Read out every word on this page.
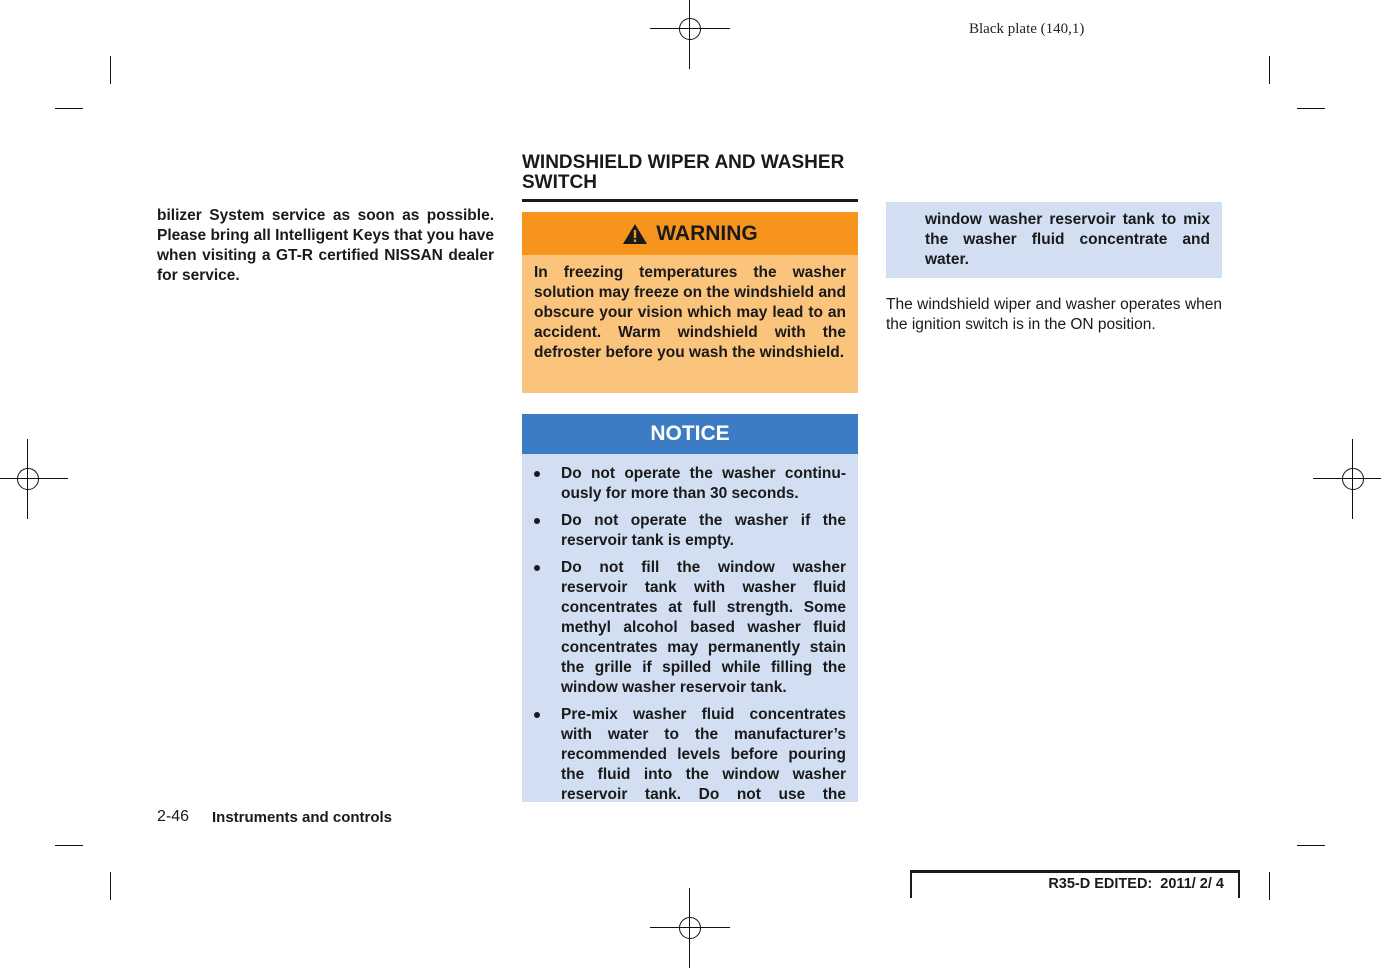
Black plate (140,1)
bilizer System service as soon as possible. Please bring all Intelligent Keys that you have when visiting a GT-R certified NISSAN dealer for service.
WINDSHIELD WIPER AND WASHER SWITCH
WARNING
In freezing temperatures the washer solution may freeze on the windshield and obscure your vision which may lead to an accident. Warm windshield with the defroster before you wash the windshield.
NOTICE
Do not operate the washer continu-ously for more than 30 seconds.
Do not operate the washer if the reservoir tank is empty.
Do not fill the window washer reservoir tank with washer fluid concentrates at full strength. Some methyl alcohol based washer fluid concentrates may permanently stain the grille if spilled while filling the window washer reservoir tank.
Pre-mix washer fluid concentrates with water to the manufacturer’s recommended levels before pouring the fluid into the window washer reservoir tank. Do not use the
window washer reservoir tank to mix the washer fluid concentrate and water.
The windshield wiper and washer operates when the ignition switch is in the ON position.
2-46 Instruments and controls
R35-D EDITED:  2011/ 2/ 4
